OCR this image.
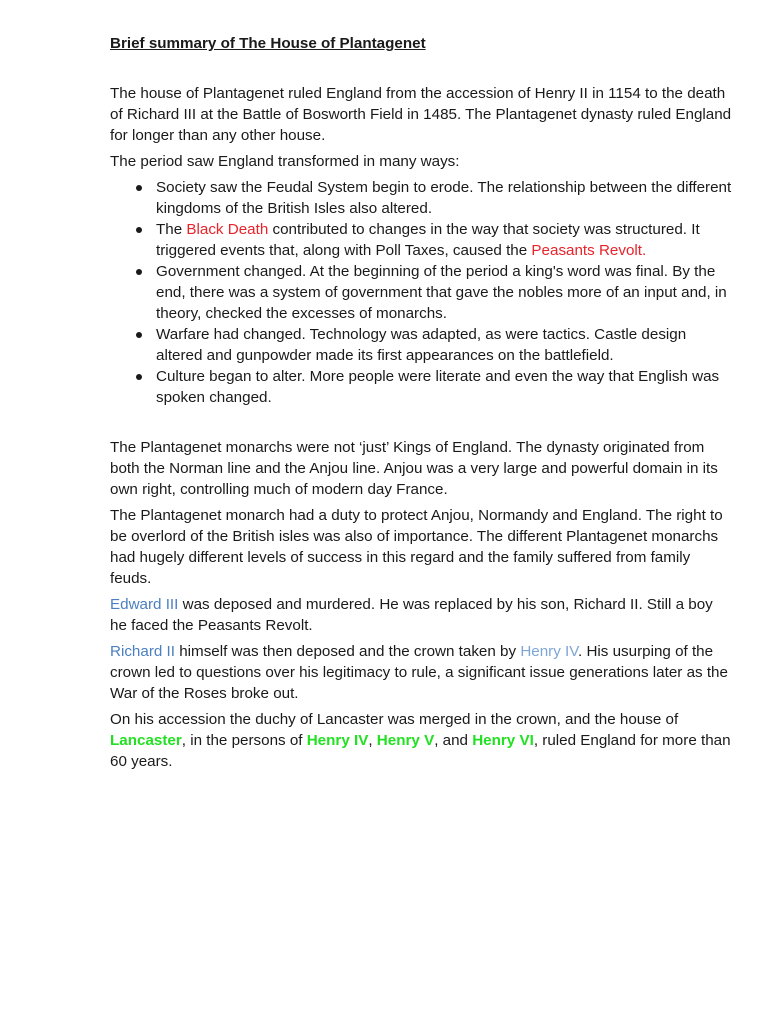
Brief summary of The House of Plantagenet

The house of Plantagenet ruled England from the accession of Henry II in 1154 to the death of Richard III at the Battle of Bosworth Field in 1485. The Plantagenet dynasty ruled England for longer than any other house.

The period saw England transformed in many ways:

Society saw the Feudal System begin to erode. The relationship between the different kingdoms of the British Isles also altered.
The Black Death contributed to changes in the way that society was structured. It triggered events that, along with Poll Taxes, caused the Peasants Revolt.
Government changed. At the beginning of the period a king's word was final. By the end, there was a system of government that gave the nobles more of an input and, in theory, checked the excesses of monarchs.
Warfare had changed. Technology was adapted, as were tactics. Castle design altered and gunpowder made its first appearances on the battlefield.
Culture began to alter. More people were literate and even the way that English was spoken changed.

The Plantagenet monarchs were not ‘just’ Kings of England. The dynasty originated from both the Norman line and the Anjou line. Anjou was a very large and powerful domain in its own right, controlling much of modern day France.

The Plantagenet monarch had a duty to protect Anjou, Normandy and England. The right to be overlord of the British isles was also of importance. The different Plantagenet monarchs had hugely different levels of success in this regard and the family suffered from family feuds.

Edward III was deposed and murdered. He was replaced by his son, Richard II. Still a boy he faced the Peasants Revolt.

Richard II himself was then deposed and the crown taken by Henry IV. His usurping of the crown led to questions over his legitimacy to rule, a significant issue generations later as the War of the Roses broke out.

On his accession the duchy of Lancaster was merged in the crown, and the house of Lancaster, in the persons of Henry IV, Henry V, and Henry VI, ruled England for more than 60 years.
